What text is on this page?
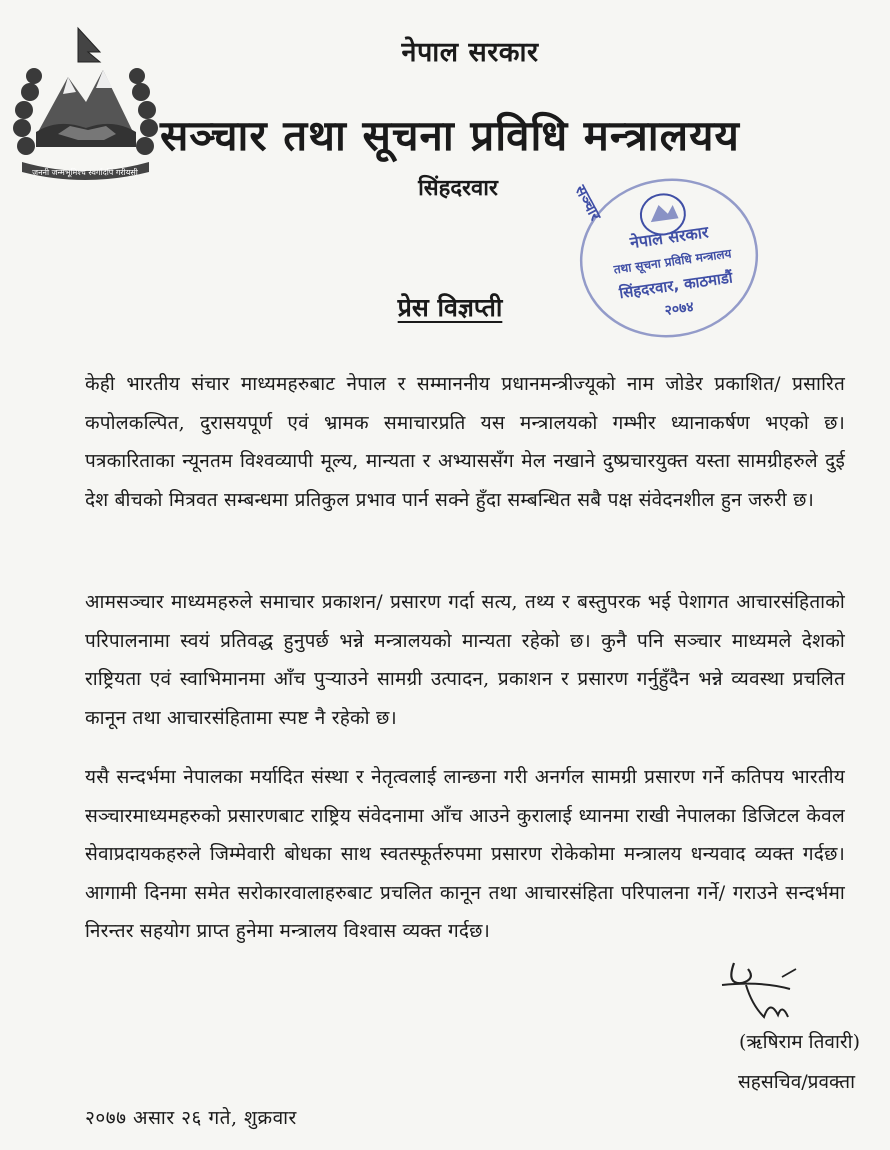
जननी जन्मभूमिश्च स्वर्गादपि गरीयसी
नेपाल सरकार
सञ्चार तथा सूचना प्रविधि मन्त्रालयय
सिंहदरवार	सञ्चार
नेपाल सरकार
तथा सूचना प्रविधि मन्त्रालय
सिंहदरवार, काठमाडौं
२०७४
प्रेस विज्ञप्ती

केही भारतीय संचार माध्यमहरुबाट नेपाल र सम्माननीय प्रधानमन्त्रीज्यूको नाम जोडेर प्रकाशित/ प्रसारित कपोलकल्पित, दुरासयपूर्ण एवं भ्रामक समाचारप्रति यस मन्त्रालयको गम्भीर ध्यानाकर्षण भएको छ। पत्रकारिताका न्यूनतम विश्वव्यापी मूल्य, मान्यता र अभ्याससँग मेल नखाने दुष्प्रचारयुक्त यस्ता सामग्रीहरुले दुई देश बीचको मित्रवत सम्बन्धमा प्रतिकुल प्रभाव पार्न सक्ने हुँदा सम्बन्धित सबै पक्ष संवेदनशील हुन जरुरी छ।

आमसञ्चार माध्यमहरुले समाचार प्रकाशन/ प्रसारण गर्दा सत्य, तथ्य र बस्तुपरक भई पेशागत आचारसंहिताको परिपालनामा स्वयं प्रतिवद्ध हुनुपर्छ भन्ने मन्त्रालयको मान्यता रहेको छ। कुनै पनि सञ्चार माध्यमले देशको राष्ट्रियता एवं स्वाभिमानमा आँच पुर्‍याउने सामग्री उत्पादन, प्रकाशन र प्रसारण गर्नुहुँदैन भन्ने व्यवस्था प्रचलित कानून तथा आचारसंहितामा स्पष्ट नै रहेको छ।

यसै सन्दर्भमा नेपालका मर्यादित संस्था र नेतृत्वलाई लान्छना गरी अनर्गल सामग्री प्रसारण गर्ने कतिपय भारतीय सञ्चारमाध्यमहरुको प्रसारणबाट राष्ट्रिय संवेदनामा आँच आउने कुरालाई ध्यानमा राखी नेपालका डिजिटल केवल सेवाप्रदायकहरुले जिम्मेवारी बोधका साथ स्वतस्फूर्तरुपमा प्रसारण रोकेकोमा मन्त्रालय धन्यवाद व्यक्त गर्दछ। आगामी दिनमा समेत सरोकारवालाहरुबाट प्रचलित कानून तथा आचारसंहिता परिपालना गर्ने/ गराउने सन्दर्भमा निरन्तर सहयोग प्राप्त हुनेमा मन्त्रालय विश्वास व्यक्त गर्दछ।

(ऋषिराम तिवारी)
सहसचिव/प्रवक्ता
२०७७ असार २६ गते, शुक्रवार
